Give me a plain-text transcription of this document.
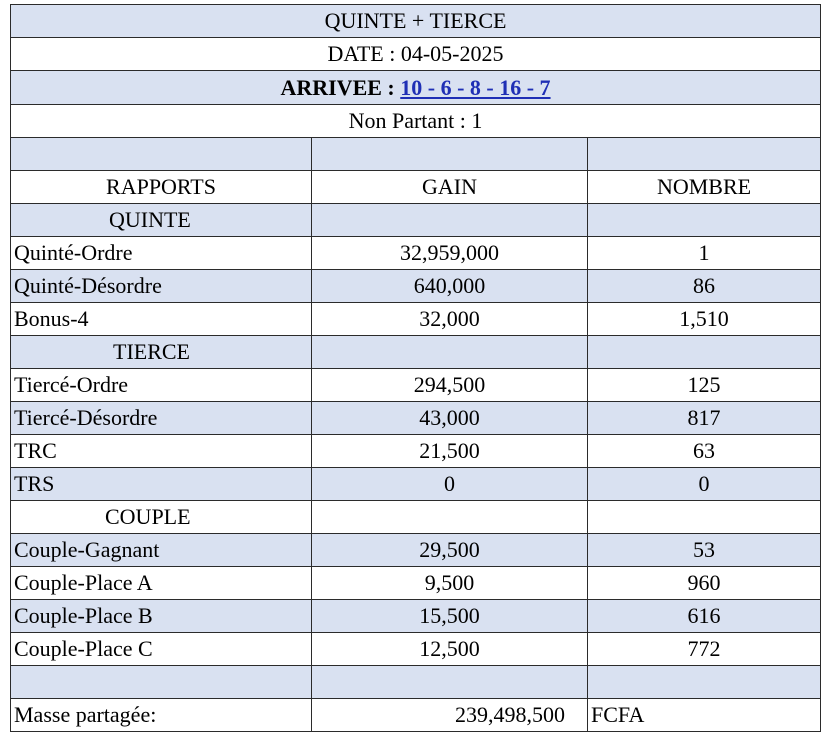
QUINTE + TIERCE		
DATE : 04-05-2025		
ARRIVEE : 10 - 6 - 8 - 16 - 7		
Non Partant : 1		

RAPPORTS	GAIN	NOMBRE
QUINTE		
Quinté-Ordre	32,959,000	1
Quinté-Désordre	640,000	86
Bonus-4	32,000	1,510
TIERCE		
Tiercé-Ordre	294,500	125
Tiercé-Désordre	43,000	817
TRC	21,500	63
TRS	0	0
COUPLE		
Couple-Gagnant	29,500	53
Couple-Place A	9,500	960
Couple-Place B	15,500	616
Couple-Place C	12,500	772

Masse partagée:	239,498,500	FCFA
